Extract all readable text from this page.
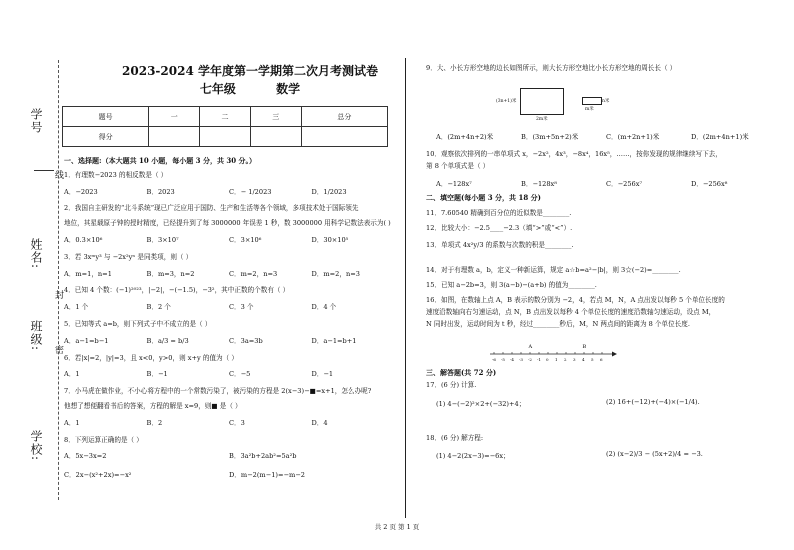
学号
姓名:
班级:
学校:
线
封
密
2023-2024 学年度第一学期第二次月考测试卷
七年级	数学
题号	一	二	三	总分
得分				
一、选择题:（本大题共 10 小题，每小题 3 分，共 30 分。）
1．有理数−2023 的相反数是（ ）
A．−2023	B．2023	C．− 1/2023	D．1/2023
2．我国自主研发的“北斗系统”现已广泛应用于国防、生产和生活等各个领域，多项技术处于国际领先
地位，其星载原子钟的授时精度，已经提升到了每 3000000 年误差 1 秒，数 3000000 用科学记数法表示为( )
A．0.3×10⁶	B．3×10⁷	C．3×10⁶	D．30×10⁵
3．若 3xᵐy³ 与 −2x²yⁿ 是同类项，则（ ）
A．m=1，n=1	B．m=3，n=2	C．m=2，n=3	D．m=2，n=3
4．已知 4 个数：(−1)²⁰²³，|−2|，−(−1.5)，−3²，其中正数的个数有（ ）
A．1 个	B．2 个	C．3 个	D．4 个
5．已知等式 a=b，则下列式子中不成立的是（ ）
A．a−1=b−1	B．a/3 = b/3	C．3a=3b	D．a−1=b+1
6．若|x|=2，|y|=3，且 x<0，y>0，则 x+y 的值为（ ）
A．1	B．−1	C．−5	D．−1
7．小马虎在做作业，不小心将方程中的一个常数污染了，被污染的方程是 2(x−3)−■=x+1，怎么办呢?
他想了想便翻看书后的答案，方程的解是 x=9，则■ 是（ ）
A．1	B．2	C．3	D．4
8．下列运算正确的是（ ）
A．5x−3x=2	B．3a²b+2ab²=5a²b
C．2x−(x²+2x)=−x²	D．m−2(m−1)=−m−2
9．大、小长方形空地的边长如图所示，则大长方形空地比小长方形空地的周长长（ ）
A．(2m+4n+2)米	B．(3m+5n+2)米	C．(m+2n+1)米	D．(2m+4n+1)米
10．观察依次排列的一串单项式 x，−2x²，4x³，−8x⁴，16x⁵，……，按你发现的规律继续写下去，
第 8 个单项式是（ ）
A．−128x⁷	B．−128x⁸	C．−256x⁷	D．−256x⁸
二、填空题(每小题 3 分，共 18 分)
11．7.60540 精确到百分位的近似数是________.
12．比较大小：−2.5____−2.3（填“>”或“<”）.
13．单项式 4x²y/3 的系数与次数的积是________.
14．对于有理数 a，b，定义一种新运算，规定 a☆b=a²−|b|，则 3☆(−2)=________.
15．已知 a−2b=3，则 3(a−b)−(a+b) 的值为________.
16．如图，在数轴上点 A，B 表示的数分别为 −2，4，若点 M，N，A 点出发以每秒 5 个单位长度的
速度沿数轴向右匀速运动，点 N，B 点出发以每秒 4 个单位长度的速度沿数轴匀速运动，设点 M，
N 同时出发，运动时间为 t 秒，经过________秒后，M，N 两点间的距离为 8 个单位长度.
三、解答题(共 72 分)
17．(6 分) 计算.
(1) 4−(−2)²×2+(−32)+4；	(2) 16+(−12)+(−4)×(−1/4).
18．(6 分) 解方程:
(1) 4−2(2x−3)=−6x；	(2) (x−2)/3 − (5x+2)/4 = −3.
(3n+1)米
2m米
n米
m米
-6 -5 -4 -3 -2 -1 0 1 2 3 4 5 6
A	B
共 2 页 第 1 页
